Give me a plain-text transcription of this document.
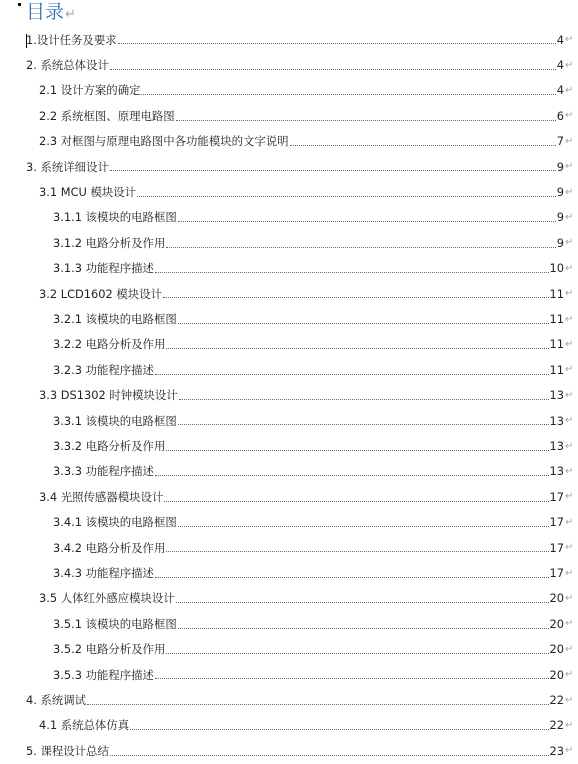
目录↵
1.设计任务及要求	4 ↵
2. 系统总体设计	4 ↵
2.1 设计方案的确定	4 ↵
2.2 系统框图、原理电路图	6 ↵
2.3 对框图与原理电路图中各功能模块的文字说明	7 ↵
3. 系统详细设计	9 ↵
3.1 MCU 模块设计	9 ↵
3.1.1 该模块的电路框图	9 ↵
3.1.2 电路分析及作用	9 ↵
3.1.3 功能程序描述	10 ↵
3.2 LCD1602 模块设计	11 ↵
3.2.1 该模块的电路框图	11 ↵
3.2.2 电路分析及作用	11 ↵
3.2.3 功能程序描述	11 ↵
3.3 DS1302 时钟模块设计	13 ↵
3.3.1 该模块的电路框图	13 ↵
3.3.2 电路分析及作用	13 ↵
3.3.3 功能程序描述	13 ↵
3.4 光照传感器模块设计	17 ↵
3.4.1 该模块的电路框图	17 ↵
3.4.2 电路分析及作用	17 ↵
3.4.3 功能程序描述	17 ↵
3.5 人体红外感应模块设计	20 ↵
3.5.1 该模块的电路框图	20 ↵
3.5.2 电路分析及作用	20 ↵
3.5.3 功能程序描述	20 ↵
4. 系统调试	22 ↵
4.1 系统总体仿真	22 ↵
5. 课程设计总结	23 ↵
